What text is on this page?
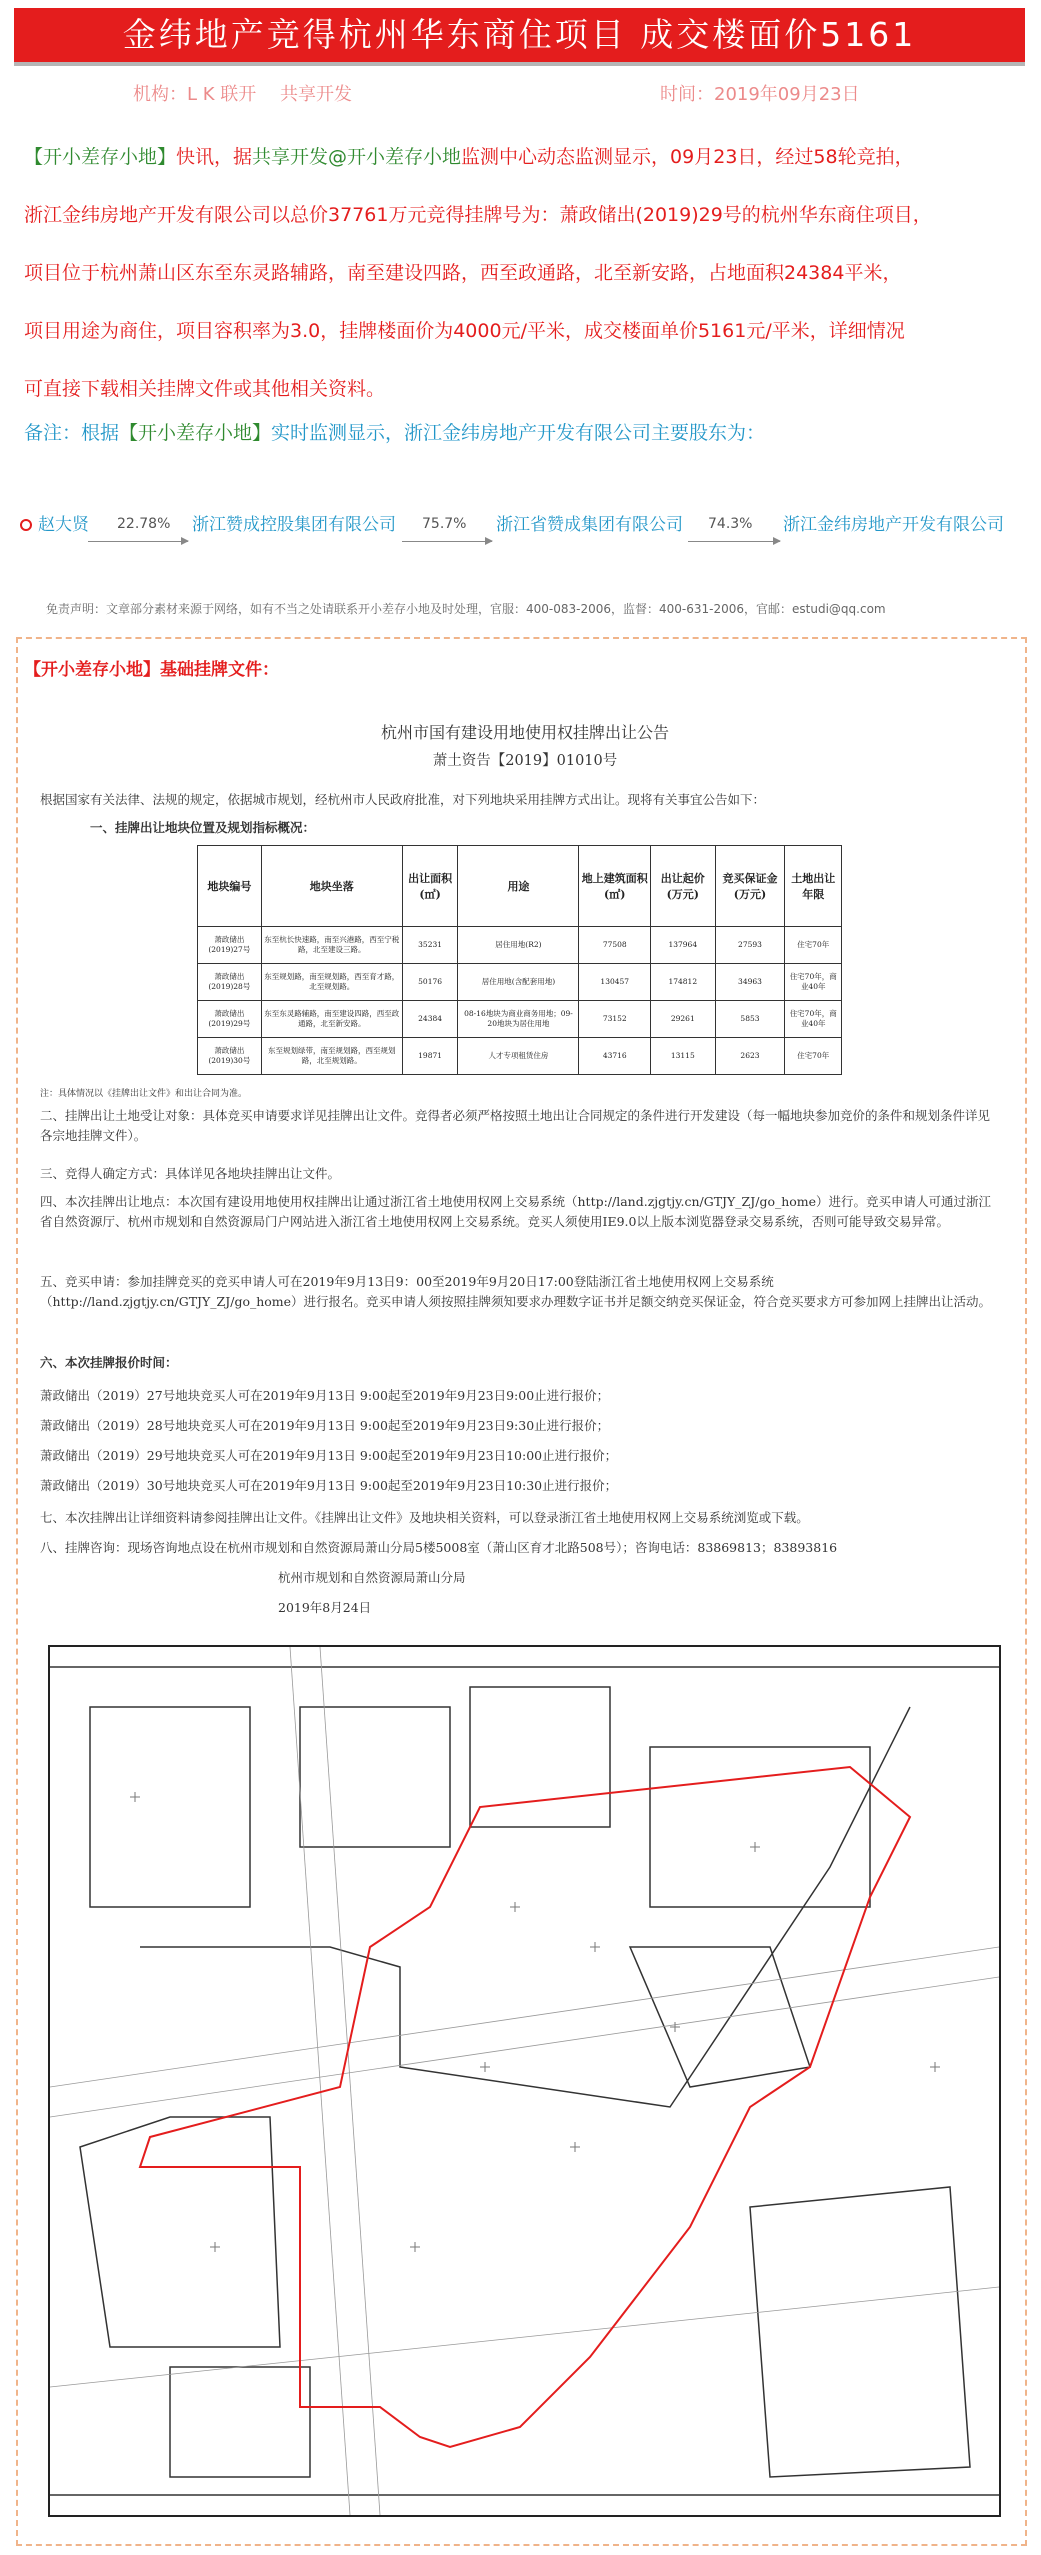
金纬地产竞得杭州华东商住项目 成交楼面价5161
机构：L K 联开　 共享开发	时间：2019年09月23日
【开小差存小地】快讯，据共享开发@开小差存小地监测中心动态监测显示，09月23日，经过58轮竞拍，
浙江金纬房地产开发有限公司以总价37761万元竞得挂牌号为：萧政储出(2019)29号的杭州华东商住项目，
项目位于杭州萧山区东至东灵路辅路，南至建设四路，西至政通路，北至新安路，占地面积24384平米，
项目用途为商住，项目容积率为3.0，挂牌楼面价为4000元/平米，成交楼面单价5161元/平米，详细情况
可直接下载相关挂牌文件或其他相关资料。
备注：根据【开小差存小地】实时监测显示，浙江金纬房地产开发有限公司主要股东为：
赵大贤 22.78% 浙江赞成控股集团有限公司 75.7% 浙江省赞成集团有限公司 74.3% 浙江金纬房地产开发有限公司
免责声明：文章部分素材来源于网络，如有不当之处请联系开小差存小地及时处理，官服：400-083-2006，监督：400-631-2006，官邮：estudi@qq.com
【开小差存小地】基础挂牌文件：
杭州市国有建设用地使用权挂牌出让公告
萧土资告【2019】01010号
根据国家有关法律、法规的规定，依据城市规划，经杭州市人民政府批准，对下列地块采用挂牌方式出让。现将有关事宜公告如下：
一、挂牌出让地块位置及规划指标概况：
地块编号	地块坐落	出让面积(㎡)	用途	地上建筑面积(㎡)	出让起价(万元)	竞买保证金(万元)	土地出让年限
萧政储出(2019)27号	东至杭长快速路，南至兴港路，西至宁税路，北至建设三路。	35231	居住用地(R2)	77508	137964	27593	住宅70年
萧政储出(2019)28号	东至规划路，南至规划路，西至育才路，北至规划路。	50176	居住用地(含配套用地)	130457	174812	34963	住宅70年，商业40年
萧政储出(2019)29号	东至东灵路辅路，南至建设四路，西至政通路，北至新安路。	24384	08-16地块为商业商务用地；09-20地块为居住用地	73152	29261	5853	住宅70年，商业40年
萧政储出(2019)30号	东至规划绿带，南至规划路，西至规划路，北至规划路。	19871	人才专项租赁住房	43716	13115	2623	住宅70年
注：具体情况以《挂牌出让文件》和出让合同为准。
二、挂牌出让土地受让对象：具体竞买申请要求详见挂牌出让文件。竞得者必须严格按照土地出让合同规定的条件进行开发建设（每一幅地块参加竞价的条件和规划条件详见各宗地挂牌文件）。
三、竞得人确定方式：具体详见各地块挂牌出让文件。
四、本次挂牌出让地点：本次国有建设用地使用权挂牌出让通过浙江省土地使用权网上交易系统（http://land.zjgtjy.cn/GTJY_ZJ/go_home）进行。竞买申请人可通过浙江省自然资源厅、杭州市规划和自然资源局门户网站进入浙江省土地使用权网上交易系统。竞买人须使用IE9.0以上版本浏览器登录交易系统，否则可能导致交易异常。
五、竞买申请：参加挂牌竞买的竞买申请人可在2019年9月13日9：00至2019年9月20日17:00登陆浙江省土地使用权网上交易系统（http://land.zjgtjy.cn/GTJY_ZJ/go_home）进行报名。竞买申请人须按照挂牌须知要求办理数字证书并足额交纳竞买保证金，符合竞买要求方可参加网上挂牌出让活动。
六、本次挂牌报价时间：
萧政储出（2019）27号地块竞买人可在2019年9月13日 9:00起至2019年9月23日9:00止进行报价；
萧政储出（2019）28号地块竞买人可在2019年9月13日 9:00起至2019年9月23日9:30止进行报价；
萧政储出（2019）29号地块竞买人可在2019年9月13日 9:00起至2019年9月23日10:00止进行报价；
萧政储出（2019）30号地块竞买人可在2019年9月13日 9:00起至2019年9月23日10:30止进行报价；
七、本次挂牌出让详细资料请参阅挂牌出让文件。《挂牌出让文件》及地块相关资料，可以登录浙江省土地使用权网上交易系统浏览或下载。
八、挂牌咨询：现场咨询地点设在杭州市规划和自然资源局萧山分局5楼5008室（萧山区育才北路508号）；咨询电话：83869813；83893816
杭州市规划和自然资源局萧山分局
2019年8月24日
